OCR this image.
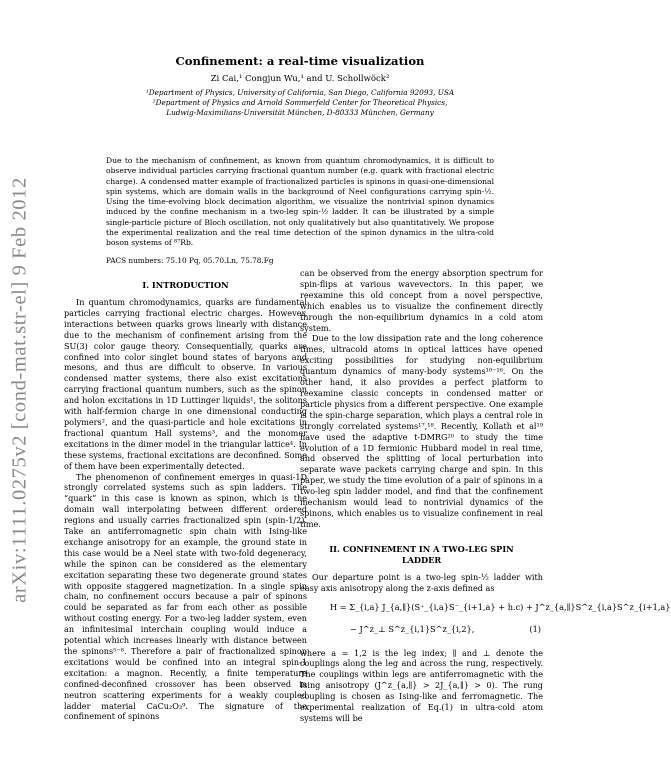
arXiv:1111.0275v2 [cond-mat.str-el] 9 Feb 2012
Confinement: a real-time visualization
Zi Cai,¹ Congjun Wu,¹ and U. Schollwöck²
¹Department of Physics, University of California, San Diego, California 92093, USA
²Department of Physics and Arnold Sommerfeld Center for Theoretical Physics,
Ludwig-Maximilians-Universität München, D-80333 München, Germany
Due to the mechanism of confinement, as known from quantum chromodynamics, it is difficult to observe individual particles carrying fractional quantum number (e.g. quark with fractional electric charge). A condensed matter example of fractionalized particles is spinons in quasi-one-dimensional spin systems, which are domain walls in the background of Neel configurations carrying spin-½. Using the time-evolving block decimation algorithm, we visualize the nontrivial spinon dynamics induced by the confine mechanism in a two-leg spin-½ ladder. It can be illustrated by a simple single-particle picture of Bloch oscillation, not only qualitatively but also quantitatively. We propose the experimental realization and the real time detection of the spinon dynamics in the ultra-cold boson systems of ⁸⁷Rb.
PACS numbers: 75.10 Pq, 05.70.Ln, 75.78.Fg
I. INTRODUCTION

In quantum chromodynamics, quarks are fundamental particles carrying fractional electric charges. However, interactions between quarks grows linearly with distance due to the mechanism of confinement arising from the SU(3) color gauge theory. Consequentially, quarks are confined into color singlet bound states of baryons and mesons, and thus are difficult to observe. In various condensed matter systems, there also exist excitations carrying fractional quantum numbers, such as the spinon and holon excitations in 1D Luttinger liquids¹, the solitons with half-fermion charge in one dimensional conducting polymers², and the quasi-particle and hole excitations in fractional quantum Hall systems³, and the monomer excitations in the dimer model in the triangular lattice⁴. In these systems, fractional excitations are deconfined. Some of them have been experimentally detected.

The phenomenon of confinement emerges in quasi-1D strongly correlated systems such as spin ladders. The “quark” in this case is known as spinon, which is the domain wall interpolating between different ordered regions and usually carries fractionalized spin (spin-1/2). Take an antiferromagnetic spin chain with Ising-like exchange anisotropy for an example, the ground state in this case would be a Neel state with two-fold degeneracy, while the spinon can be considered as the elementary excitation separating these two degenerate ground states with opposite staggered magnetization. In a single spin chain, no confinement occurs because a pair of spinons could be separated as far from each other as possible without costing energy. For a two-leg ladder system, even an infinitesimal interchain coupling would induce a potential which increases linearly with distance between the spinons⁵⁻⁸. Therefore a pair of fractionalized spinon excitations would be confined into an integral spin-1 excitation: a magnon. Recently, a finite temperature confined-deconfined crossover has been observed in neutron scattering experiments for a weakly coupled ladder material CaCu₂O₃⁹. The signature of the confinement of spinons

can be observed from the energy absorption spectrum for spin-flips at various wavevectors. In this paper, we reexamine this old concept from a novel perspective, which enables us to visualize the confinement directly through the non-equilibrium dynamics in a cold atom system.

Due to the low dissipation rate and the long coherence times, ultracold atoms in optical lattices have opened exciting possibilities for studying non-equilibrium quantum dynamics of many-body systems¹⁰⁻¹⁶. On the other hand, it also provides a perfect platform to reexamine classic concepts in condensed matter or particle physics from a different perspective. One example is the spin-charge separation, which plays a central role in strongly correlated systems¹⁷,¹⁸. Recently, Kollath et al¹⁹ have used the adaptive t-DMRG²⁰ to study the time evolution of a 1D fermionic Hubbard model in real time, and observed the splitting of local perturbation into separate wave packets carrying charge and spin. In this paper, we study the time evolution of a pair of spinons in a two-leg spin ladder model, and find that the confinement mechanism would lead to nontrivial dynamics of the spinons, which enables us to visualize confinement in real time.

II. CONFINEMENT IN A TWO-LEG SPIN
LADDER

Our departure point is a two-leg spin-½ ladder with easy axis anisotropy along the z-axis defined as

H = Σ_{i,a} J_{a,∥}(S⁺_{i,a}S⁻_{i+1,a} + h.c) + J^z_{a,∥}S^z_{i,a}S^z_{i+1,a}
− J^z_⊥ S^z_{i,1}S^z_{i,2},	(1)

where a = 1,2 is the leg index; ∥ and ⊥ denote the couplings along the leg and across the rung, respectively. The couplings within legs are antiferromagnetic with the Ising anisotropy (J^z_{a,∥} > 2J_{a,∥} > 0). The rung coupling is chosen as Ising-like and ferromagnetic. The experimental realization of Eq.(1) in ultra-cold atom systems will be
